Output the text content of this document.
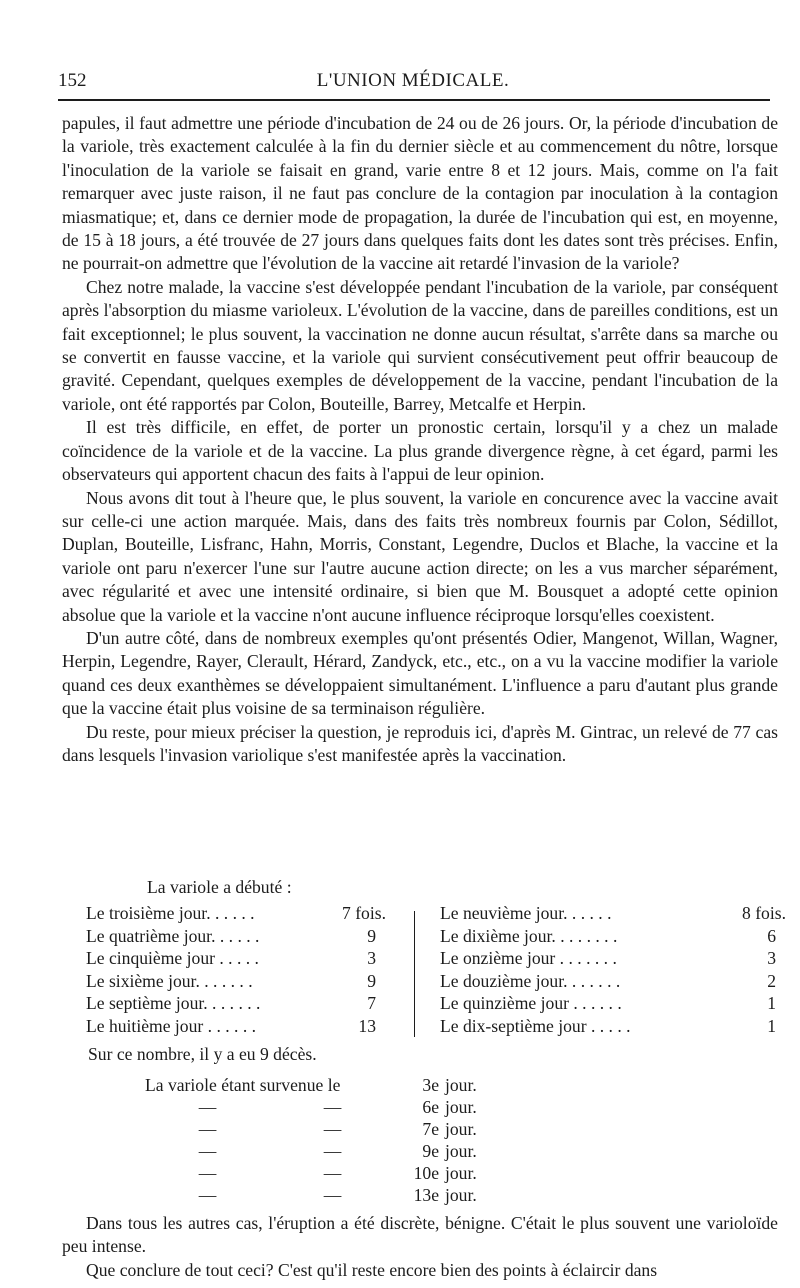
152	L'UNION MÉDICALE.

papules, il faut admettre une période d'incubation de 24 ou de 26 jours. Or, la période d'incubation de la variole, très exactement calculée à la fin du dernier siècle et au commencement du nôtre, lorsque l'inoculation de la variole se faisait en grand, varie entre 8 et 12 jours. Mais, comme on l'a fait remarquer avec juste raison, il ne faut pas conclure de la contagion par inoculation à la contagion miasmatique; et, dans ce dernier mode de propagation, la durée de l'incubation qui est, en moyenne, de 15 à 18 jours, a été trouvée de 27 jours dans quelques faits dont les dates sont très précises. Enfin, ne pourrait-on admettre que l'évolution de la vaccine ait retardé l'invasion de la variole?

Chez notre malade, la vaccine s'est développée pendant l'incubation de la variole, par conséquent après l'absorption du miasme varioleux. L'évolution de la vaccine, dans de pareilles conditions, est un fait exceptionnel; le plus souvent, la vaccination ne donne aucun résultat, s'arrête dans sa marche ou se convertit en fausse vaccine, et la variole qui survient consécutivement peut offrir beaucoup de gravité. Cependant, quelques exemples de développement de la vaccine, pendant l'incubation de la variole, ont été rapportés par Colon, Bouteille, Barrey, Metcalfe et Herpin.

Il est très difficile, en effet, de porter un pronostic certain, lorsqu'il y a chez un malade coïncidence de la variole et de la vaccine. La plus grande divergence règne, à cet égard, parmi les observateurs qui apportent chacun des faits à l'appui de leur opinion.

Nous avons dit tout à l'heure que, le plus souvent, la variole en concurence avec la vaccine avait sur celle-ci une action marquée. Mais, dans des faits très nombreux fournis par Colon, Sédillot, Duplan, Bouteille, Lisfranc, Hahn, Morris, Constant, Legendre, Duclos et Blache, la vaccine et la variole ont paru n'exercer l'une sur l'autre aucune action directe; on les a vus marcher séparément, avec régularité et avec une intensité ordinaire, si bien que M. Bousquet a adopté cette opinion absolue que la variole et la vaccine n'ont aucune influence réciproque lorsqu'elles coexistent.

D'un autre côté, dans de nombreux exemples qu'ont présentés Odier, Mangenot, Willan, Wagner, Herpin, Legendre, Rayer, Clerault, Hérard, Zandyck, etc., etc., on a vu la vaccine modifier la variole quand ces deux exanthèmes se développaient simultanément. L'influence a paru d'autant plus grande que la vaccine était plus voisine de sa terminaison régulière.

Du reste, pour mieux préciser la question, je reproduis ici, d'après M. Gintrac, un relevé de 77 cas dans lesquels l'invasion variolique s'est manifestée après la vaccination.

La variole a débuté :
Le troisième jour. . . . . .	7 fois.
Le quatrième jour. . . . . .	9
Le cinquième jour . . . . .	3
Le sixième jour. . . . . . .	9
Le septième jour. . . . . . .	7
Le huitième jour . . . . . .	13
Le neuvième jour. . . . . .	8 fois.
Le dixième jour. . . . . . . .	6
Le onzième jour . . . . . . .	3
Le douzième jour. . . . . . .	2
Le quinzième jour . . . . . .	1
Le dix-septième jour . . . . .	1
Sur ce nombre, il y a eu 9 décès.
La variole étant survenue le	3e jour.
—	—	6e jour.
—	—	7e jour.
—	—	9e jour.
—	—	10e jour.
—	—	13e jour.

Dans tous les autres cas, l'éruption a été discrète, bénigne. C'était le plus souvent une varioloïde peu intense.

Que conclure de tout ceci? C'est qu'il reste encore bien des points à éclaircir dans
